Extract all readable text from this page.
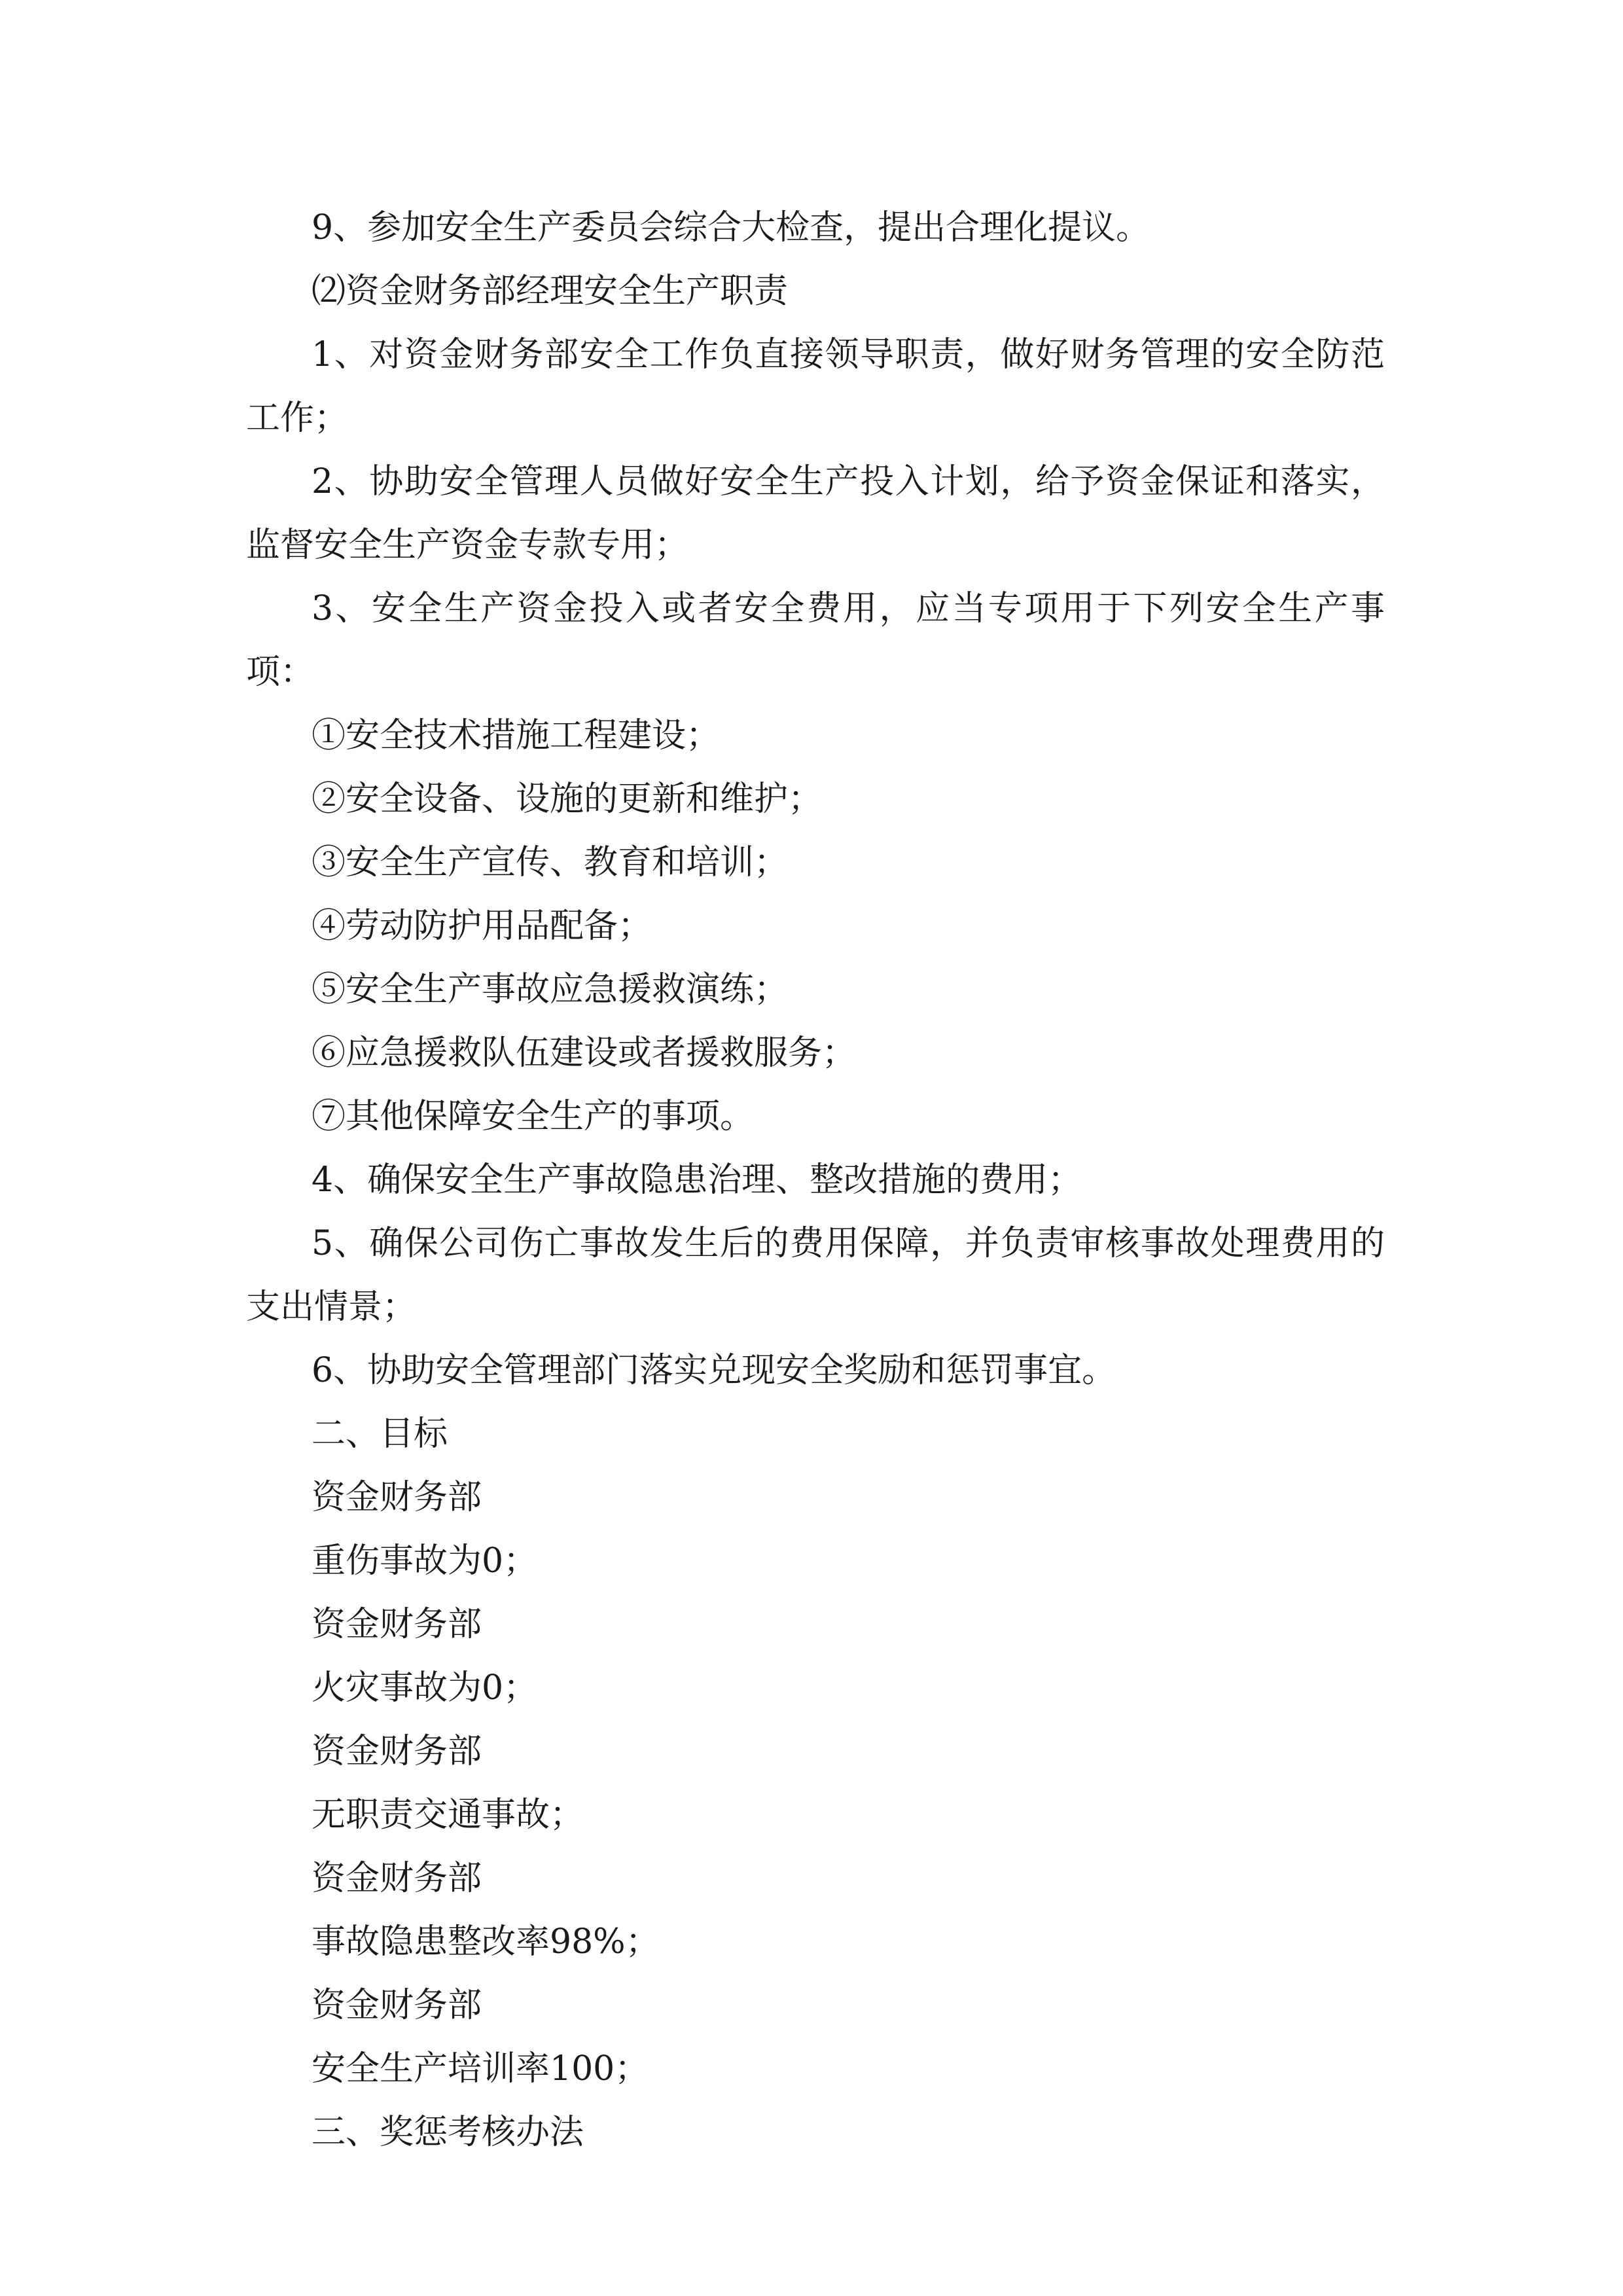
9、参加安全生产委员会综合大检查，提出合理化提议。

⑵资金财务部经理安全生产职责

1、对资金财务部安全工作负直接领导职责，做好财务管理的安全防范工作；

2、协助安全管理人员做好安全生产投入计划，给予资金保证和落实，监督安全生产资金专款专用；

3、安全生产资金投入或者安全费用，应当专项用于下列安全生产事项：

①安全技术措施工程建设；

②安全设备、设施的更新和维护；

③安全生产宣传、教育和培训；

④劳动防护用品配备；

⑤安全生产事故应急援救演练；

⑥应急援救队伍建设或者援救服务；

⑦其他保障安全生产的事项。

4、确保安全生产事故隐患治理、整改措施的费用；

5、确保公司伤亡事故发生后的费用保障，并负责审核事故处理费用的支出情景；

6、协助安全管理部门落实兑现安全奖励和惩罚事宜。

二、目标

资金财务部

重伤事故为0；

资金财务部

火灾事故为0；

资金财务部

无职责交通事故；

资金财务部

事故隐患整改率98%；

资金财务部

安全生产培训率100；

三、奖惩考核办法
